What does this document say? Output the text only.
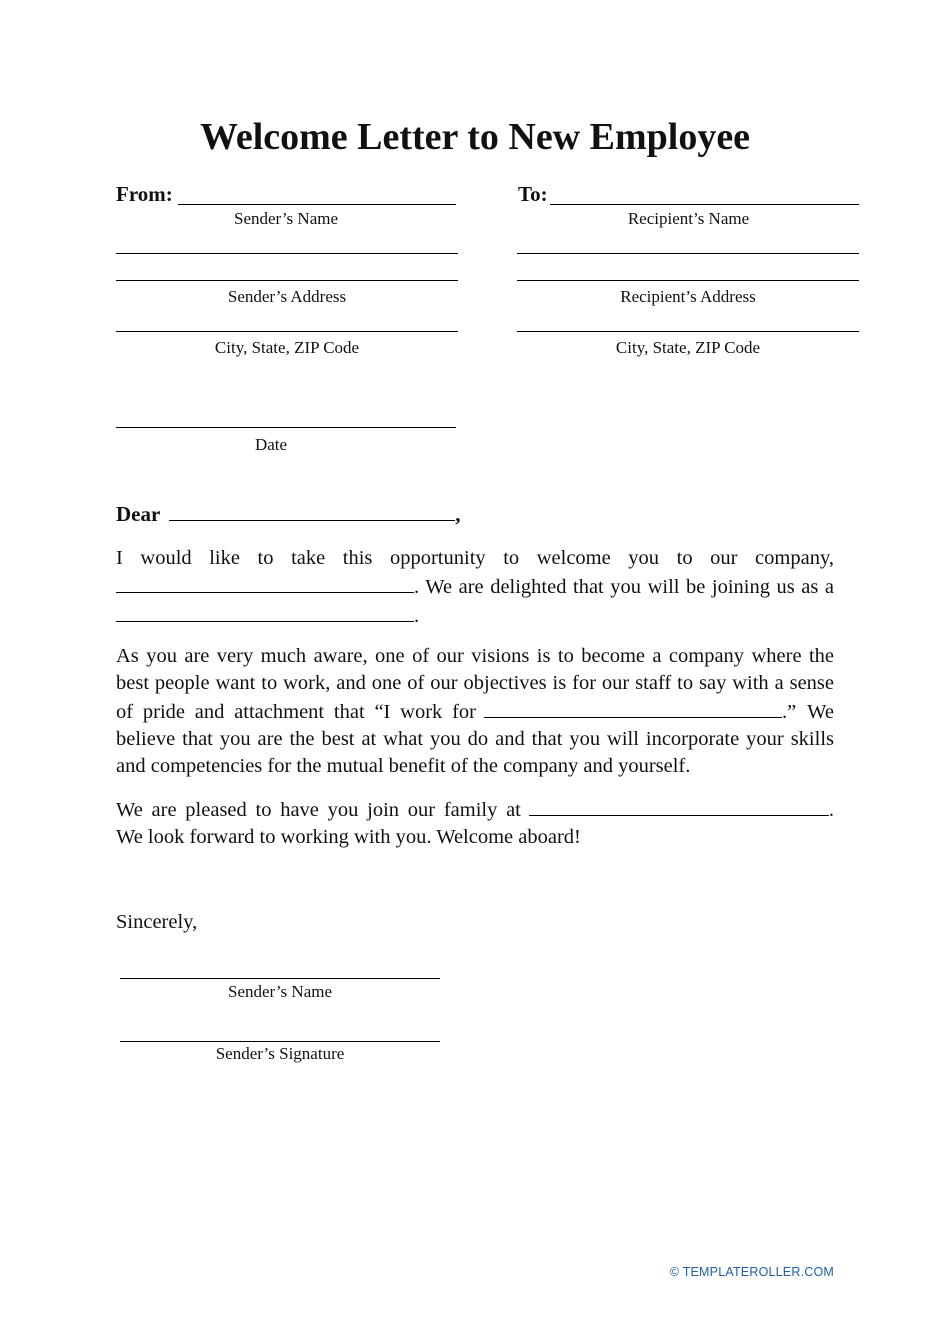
Welcome Letter to New Employee
From:
Sender’s Name
Sender’s Address
City, State, ZIP Code
To:
Recipient’s Name
Recipient’s Address
City, State, ZIP Code
Date
Dear	,
I would like to take this opportunity to welcome you to our company,
. We are delighted that you will be joining us as a
.
As you are very much aware, one of our visions is to become a company where the
best people want to work, and one of our objectives is for our staff to say with a sense
of pride and attachment that “I work for	.” We
believe that you are the best at what you do and that you will incorporate your skills
and competencies for the mutual benefit of the company and yourself.
We are pleased to have you join our family at	.
We look forward to working with you. Welcome aboard!
Sincerely,
Sender’s Name
Sender’s Signature
© TEMPLATEROLLER.COM
